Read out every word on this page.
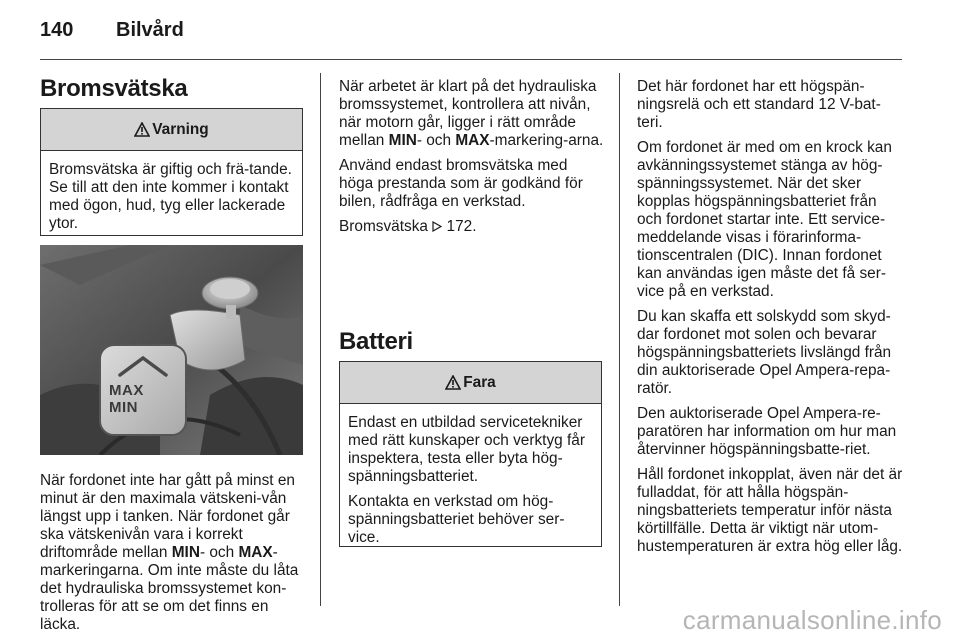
140 Bilvård
Bromsvätska
Varning

Bromsvätska är giftig och frä-tande. Se till att den inte kommer i kontakt med ögon, hud, tyg eller lackerade ytor.

MAX
MIN

När fordonet inte har gått på minst en minut är den maximala vätskeni-vån längst upp i tanken. När fordonet går ska vätskenivån vara i korrekt driftområde mellan MIN- och MAX-markeringarna. Om inte måste du låta det hydrauliska bromssystemet kon-trolleras för att se om det finns en läcka.

När arbetet är klart på det hydrauliska bromssystemet, kontrollera att nivån, när motorn går, ligger i rätt område mellan MIN- och MAX-markering-arna.

Använd endast bromsvätska med höga prestanda som är godkänd för bilen, rådfråga en verkstad.

Bromsvätska  172.

Batteri
Fara

Endast en utbildad servicetekniker med rätt kunskaper och verktyg får inspektera, testa eller byta hög-spänningsbatteriet.

Kontakta en verkstad om hög-spänningsbatteriet behöver ser-vice.

Det här fordonet har ett högspän-ningsrelä och ett standard 12 V-bat-teri.

Om fordonet är med om en krock kan avkänningssystemet stänga av hög-spänningssystemet. När det sker kopplas högspänningsbatteriet från och fordonet startar inte. Ett service-meddelande visas i förarinforma-tionscentralen (DIC). Innan fordonet kan användas igen måste det få ser-vice på en verkstad.

Du kan skaffa ett solskydd som skyd-dar fordonet mot solen och bevarar högspänningsbatteriets livslängd från din auktoriserade Opel Ampera-repa-ratör.

Den auktoriserade Opel Ampera-re-paratören har information om hur man återvinner högspänningsbatte-riet.

Håll fordonet inkopplat, även när det är fulladdat, för att hålla högspän-ningsbatteriets temperatur inför nästa körtillfälle. Detta är viktigt när utom-hustemperaturen är extra hög eller låg.

carmanualsonline.info
